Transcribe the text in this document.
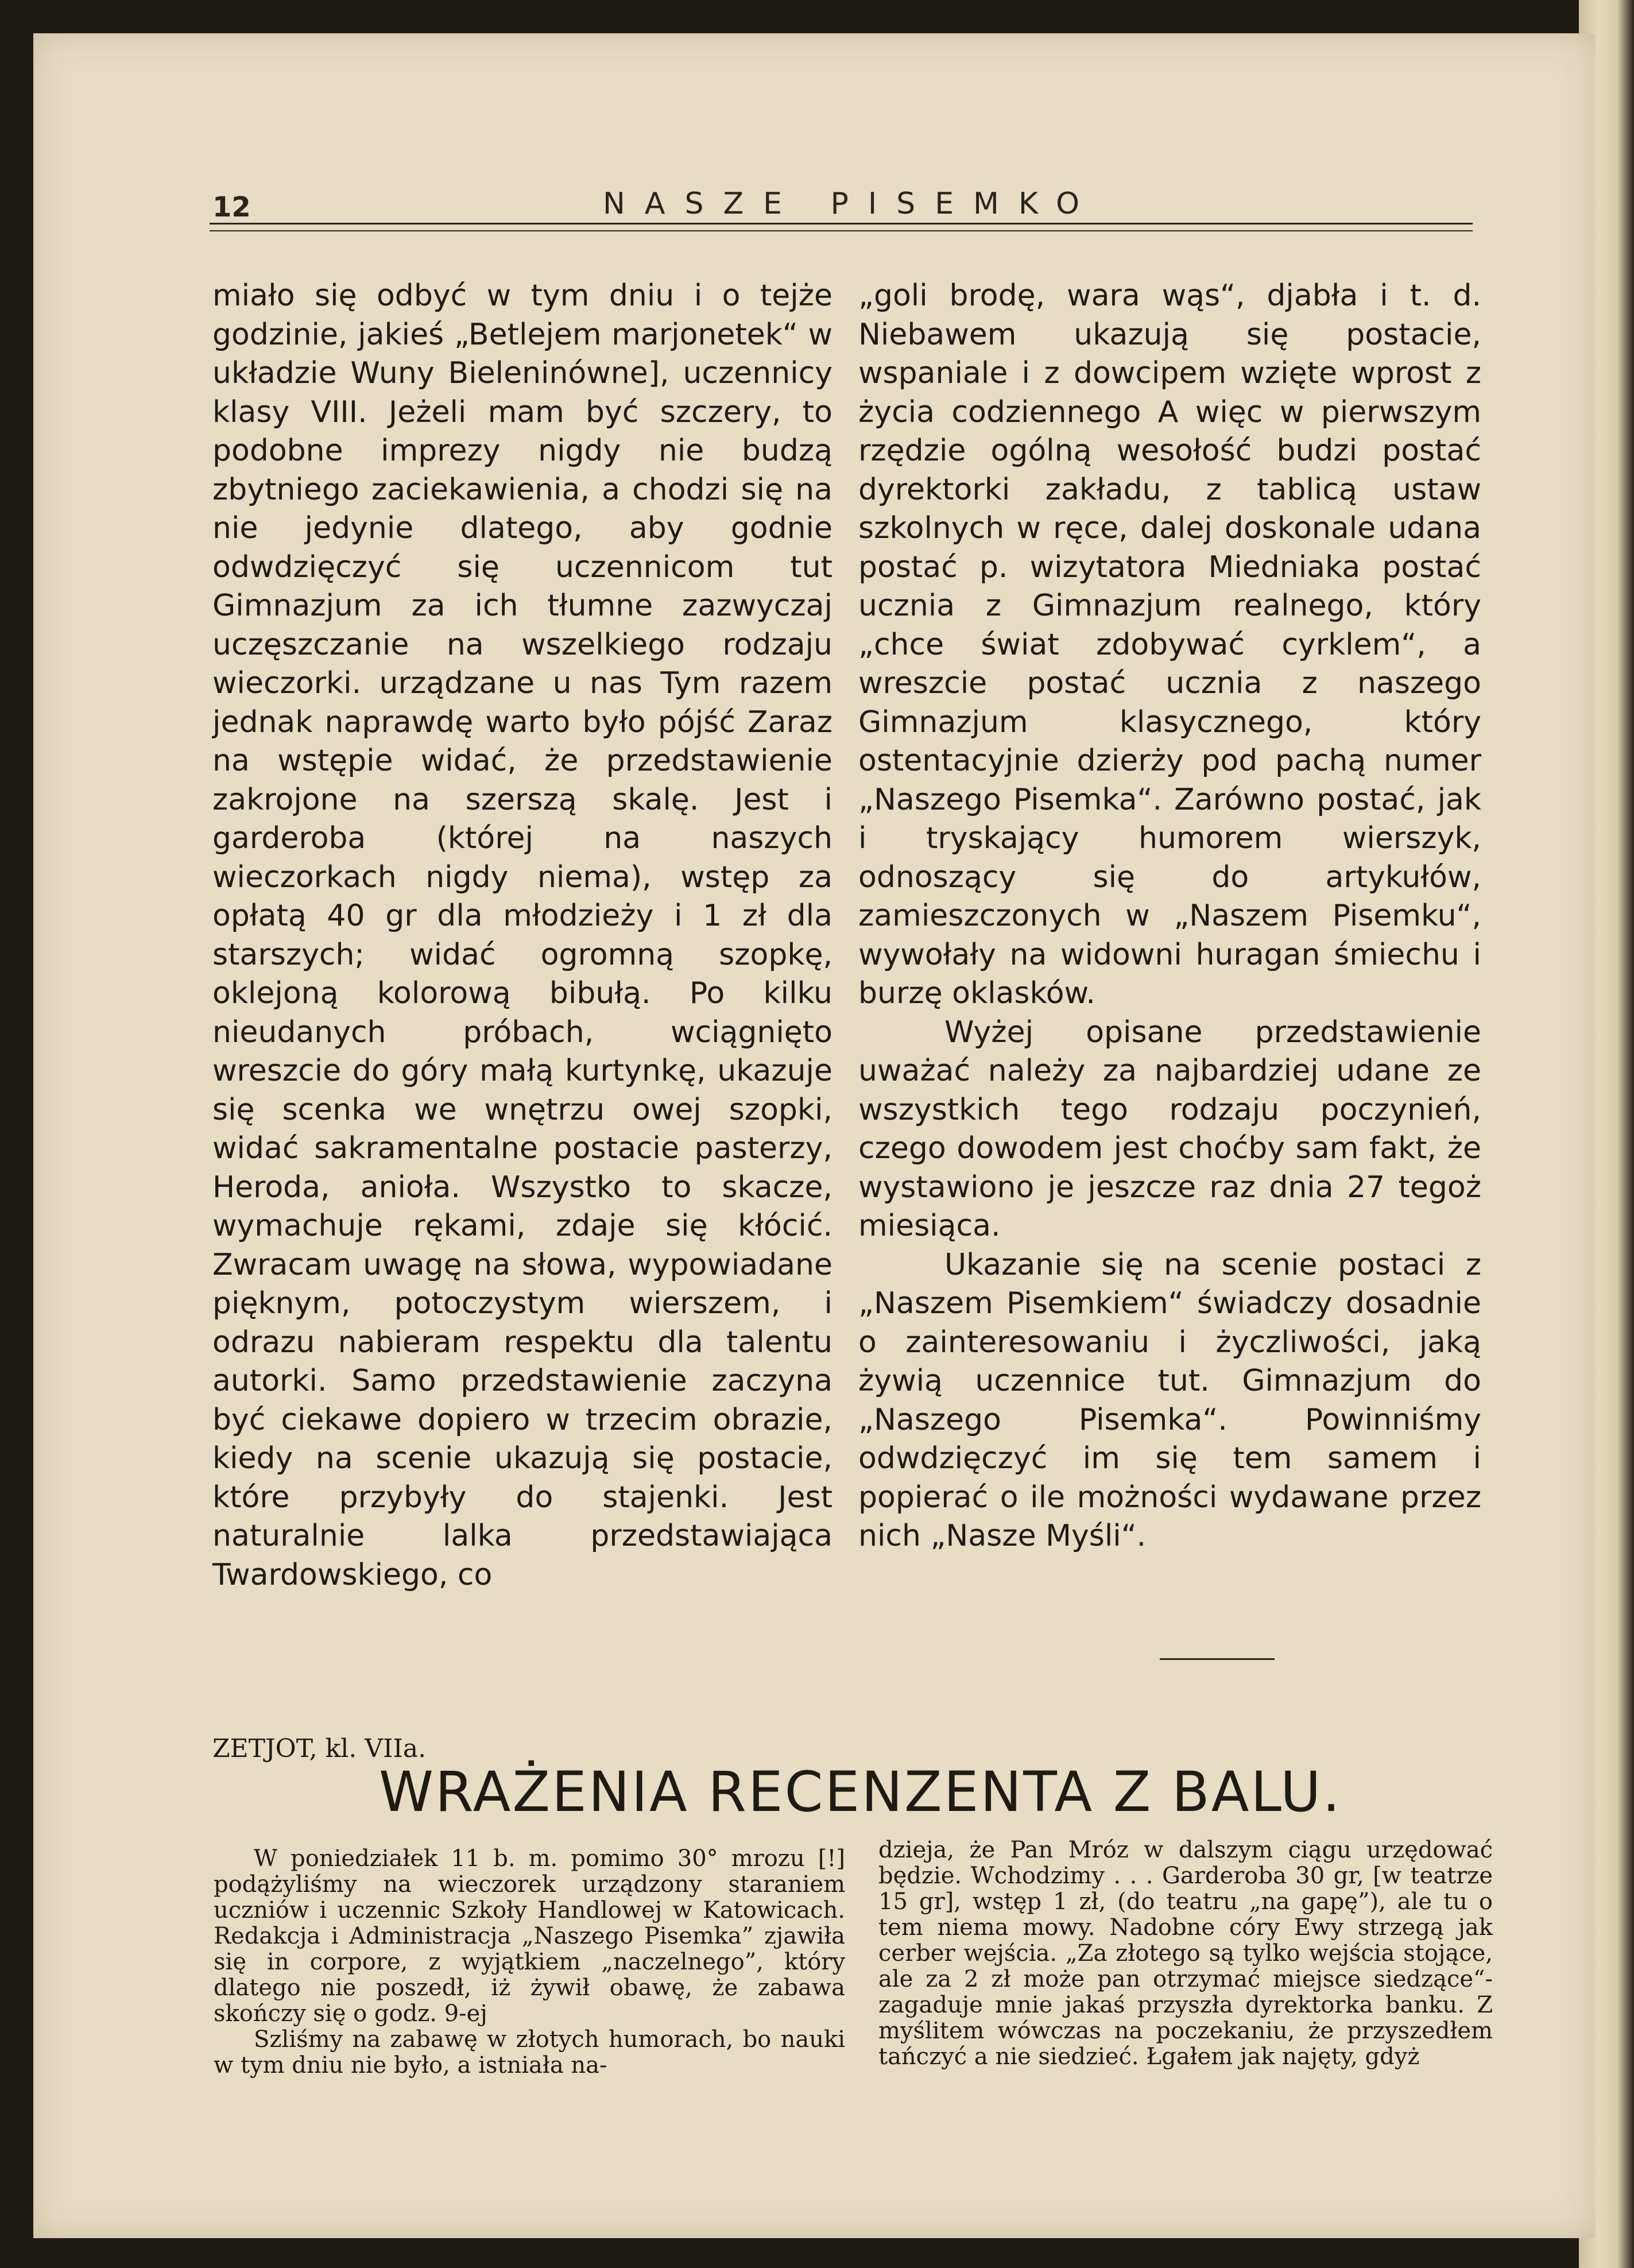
12	NASZE PISEMKO

miało się odbyć w tym dniu i o tejże godzinie, jakieś „Betlejem marjonetek“ w układzie Wuny Bieleninówne], uczennicy klasy VIII. Jeżeli mam być szczery, to podobne imprezy nigdy nie budzą zbytniego zaciekawienia, a chodzi się na nie jedynie dlatego, aby godnie odwdzięczyć się uczennicom tut Gimnazjum za ich tłumne zazwyczaj uczęszczanie na wszelkiego rodzaju wieczorki. urządzane u nas Tym razem jednak naprawdę warto było pójść Zaraz na wstępie widać, że przedstawienie zakrojone na szerszą skalę. Jest i garderoba (której na naszych wieczorkach nigdy niema), wstęp za opłatą 40 gr dla młodzieży i 1 zł dla starszych; widać ogromną szopkę, oklejoną kolorową bibułą. Po kilku nieudanych próbach, wciągnięto wreszcie do góry małą kurtynkę, ukazuje się scenka we wnętrzu owej szopki, widać sakramentalne postacie pasterzy, Heroda, anioła. Wszystko to skacze, wymachuje rękami, zdaje się kłócić. Zwracam uwagę na słowa, wypowiadane pięknym, potoczystym wierszem, i odrazu nabieram respektu dla talentu autorki. Samo przedstawienie zaczyna być ciekawe dopiero w trzecim obrazie, kiedy na scenie ukazują się postacie, które przybyły do stajenki. Jest naturalnie lalka przedstawiająca Twardowskiego, co

„goli brodę, wara wąs“, djabła i t. d. Niebawem ukazują się postacie, wspaniale i z dowcipem wzięte wprost z życia codziennego A więc w pierwszym rzędzie ogólną wesołość budzi postać dyrektorki zakładu, z tablicą ustaw szkolnych w ręce, dalej doskonale udana postać p. wizytatora Miedniaka postać ucznia z Gimnazjum realnego, który „chce świat zdobywać cyrklem“, a wreszcie postać ucznia z naszego Gimnazjum klasycznego, który ostentacyjnie dzierży pod pachą numer „Naszego Pisemka“. Zarówno postać, jak i tryskający humorem wierszyk, odnoszący się do artykułów, zamieszczonych w „Naszem Pisemku“, wywołały na widowni huragan śmiechu i burzę oklasków.

Wyżej opisane przedstawienie uważać należy za najbardziej udane ze wszystkich tego rodzaju poczynień, czego dowodem jest choćby sam fakt, że wystawiono je jeszcze raz dnia 27 tegoż miesiąca.

Ukazanie się na scenie postaci z „Naszem Pisemkiem“ świadczy dosadnie o zainteresowaniu i życzliwości, jaką żywią uczennice tut. Gimnazjum do „Naszego Pisemka“. Powinniśmy odwdzięczyć im się tem samem i popierać o ile możności wydawane przez nich „Nasze Myśli“.

ZETJOT, kl. VIIa.
WRAŻENIA RECENZENTA Z BALU.

W poniedziałek 11 b. m. pomimo 30° mrozu [!] podążyliśmy na wieczorek urządzony staraniem uczniów i uczennic Szkoły Handlowej w Katowicach. Redakcja i Administracja „Naszego Pisemka” zjawiła się in corpore, z wyjątkiem „naczelnego”, który dlatego nie poszedł, iż żywił obawę, że zabawa skończy się o godz. 9-ej

Szliśmy na zabawę w złotych humorach, bo nauki w tym dniu nie było, a istniała na-

dzieja, że Pan Mróz w dalszym ciągu urzędować będzie. Wchodzimy . . . Garderoba 30 gr, [w teatrze 15 gr], wstęp 1 zł, (do teatru „na gapę”), ale tu o tem niema mowy. Nadobne córy Ewy strzegą jak cerber wejścia. „Za złotego są tylko wejścia stojące, ale za 2 zł może pan otrzymać miejsce siedzące“- zagaduje mnie jakaś przyszła dyrektorka banku. Z myślitem wówczas na poczekaniu, że przyszedłem tańczyć a nie siedzieć. Łgałem jak najęty, gdyż
